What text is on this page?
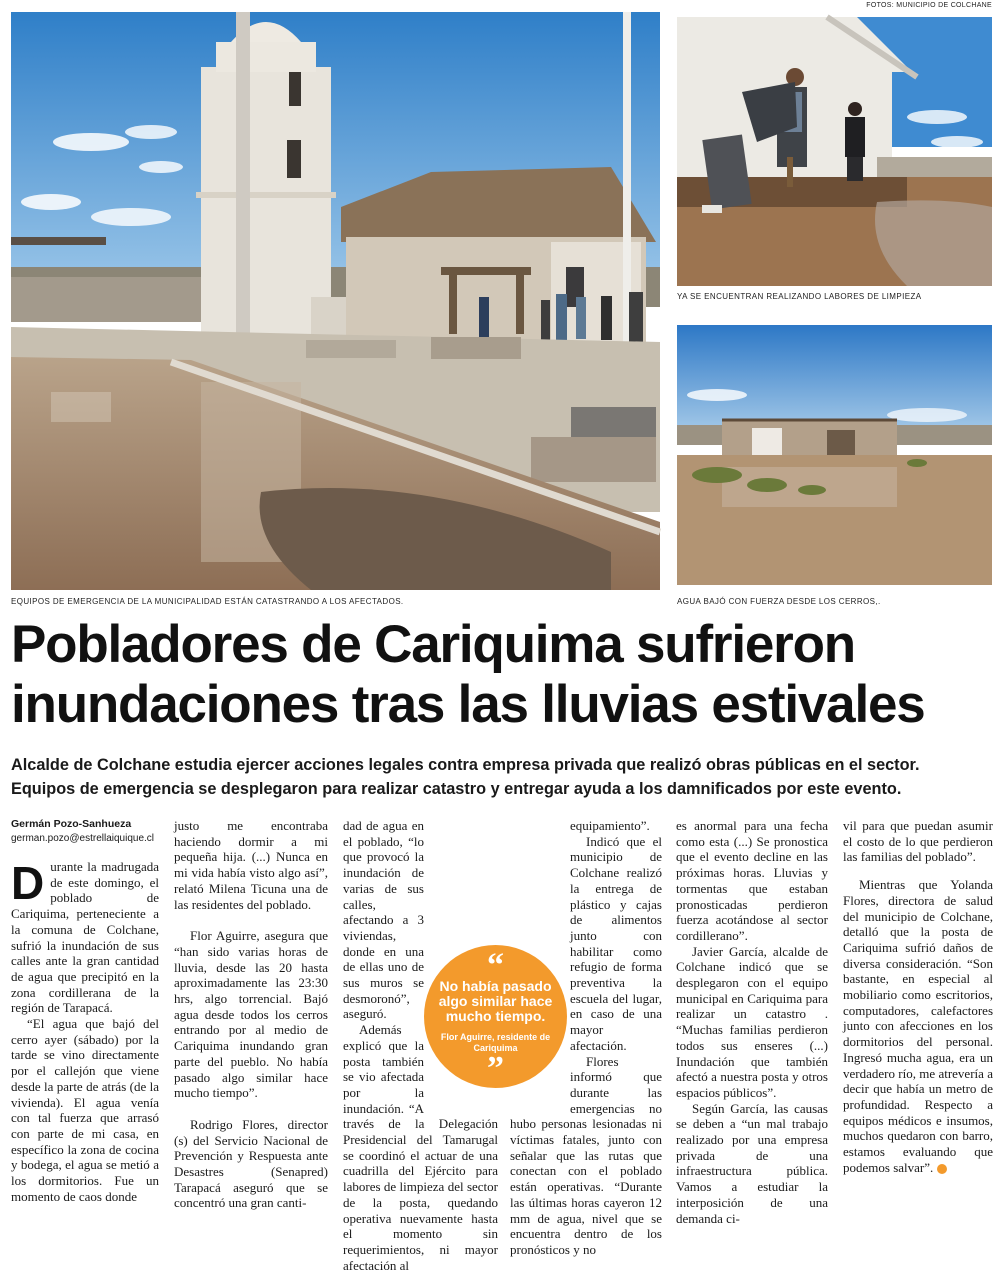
FOTOS: MUNICIPIO DE COLCHANE
EQUIPOS DE EMERGENCIA DE LA MUNICIPALIDAD ESTÁN CATASTRANDO A LOS AFECTADOS.
YA SE ENCUENTRAN REALIZANDO LABORES DE LIMPIEZA
AGUA BAJÓ CON FUERZA DESDE LOS CERROS,.
Pobladores de Cariquima sufrieron inundaciones tras las lluvias estivales
Alcalde de Colchane estudia ejercer acciones legales contra empresa privada que realizó obras públicas en el sector.
Equipos de emergencia se desplegaron para realizar catastro y entregar ayuda a los damnificados por este evento.
Germán Pozo-Sanhueza
german.pozo@estrellaiquique.cl

Durante la madrugada de este domingo, el poblado de Cariquima, perteneciente a la comuna de Colchane, sufrió la inundación de sus calles ante la gran cantidad de agua que precipitó en la zona cordillerana de la región de Tarapacá.

“El agua que bajó del cerro ayer (sábado) por la tarde se vino directamente por el callejón que viene desde la parte de atrás (de la vivienda). El agua venía con tal fuerza que arrasó con parte de mi casa, en específico la zona de cocina y bodega, el agua se metió a los dormitorios. Fue un momento de caos donde

justo me encontraba haciendo dormir a mi pequeña hija. (...) Nunca en mi vida había visto algo así”, relató Milena Ticuna una de las residentes del poblado.

Flor Aguirre, asegura que “han sido varias horas de lluvia, desde las 20 hasta aproximadamente las 23:30 hrs, algo torrencial. Bajó agua desde todos los cerros entrando por al medio de Cariquima inundando gran parte del pueblo. No había pasado algo similar hace mucho tiempo”.

Rodrigo Flores, director (s) del Servicio Nacional de Prevención y Respuesta ante Desastres (Senapred) Tarapacá aseguró que se concentró una gran canti-

dad de agua en el poblado, “lo que provocó la inundación de varias de sus calles, afectando a 3 viviendas, donde en una de ellas uno de sus muros se desmoronó”, aseguró.

Además explicó que la posta también se vio afectada por la inundación. “A través de la Delegación Presidencial del Tamarugal se coordinó el actuar de una cuadrilla del Ejército para labores de limpieza del sector de la posta, quedando operativa nuevamente hasta el momento sin requerimientos, ni mayor afectación al

equipamiento”.

Indicó que el municipio de Colchane realizó la entrega de plástico y cajas de alimentos junto con habilitar como refugio de forma preventiva la escuela del lugar, en caso de una mayor afectación.

Flores informó que durante las emergencias no hubo personas lesionadas ni víctimas fatales, junto con señalar que las rutas que conectan con el poblado están operativas. “Durante las últimas horas cayeron 12 mm de agua, nivel que se encuentra dentro de los pronósticos y no

es anormal para una fecha como esta (...) Se pronostica que el evento decline en las próximas horas. Lluvias y tormentas que estaban pronosticadas perdieron fuerza acotándose al sector cordillerano”.

Javier García, alcalde de Colchane indicó que se desplegaron con el equipo municipal en Cariquima para realizar un catastro . “Muchas familias perdieron todos sus enseres (...) Inundación que también afectó a nuestra posta y otros espacios públicos”.

Según García, las causas se deben a “un mal trabajo realizado por una empresa privada de una infraestructura pública. Vamos a estudiar la interposición de una demanda ci-

vil para que puedan asumir el costo de lo que perdieron las familias del poblado”.

Mientras que Yolanda Flores, directora de salud del municipio de Colchane, detalló que la posta de Cariquima sufrió daños de diversa consideración. “Son bastante, en especial al mobiliario como escritorios, computadores, calefactores junto con afecciones en los dormitorios del personal. Ingresó mucha agua, era un verdadero río, me atrevería a decir que había un metro de profundidad. Respecto a equipos médicos e insumos, muchos quedaron con barro, estamos evaluando que podemos salvar”.

“
No había pasado algo similar hace mucho tiempo.
Flor Aguirre, residente de Cariquima
”
